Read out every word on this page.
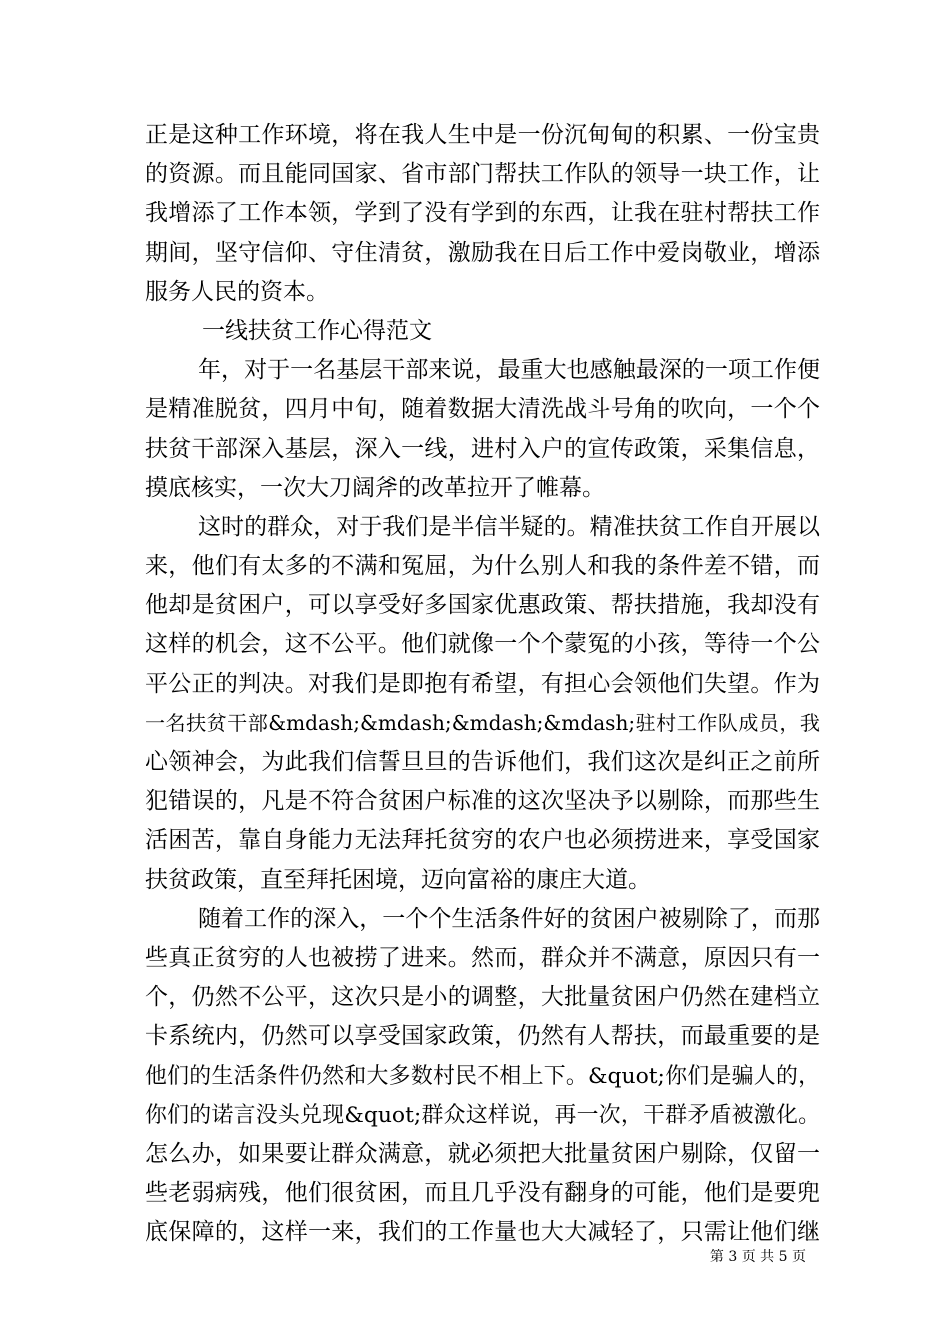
正是这种工作环境，将在我人生中是一份沉甸甸的积累、一份宝贵
的资源。而且能同国家、省市部门帮扶工作队的领导一块工作，让
我增添了工作本领，学到了没有学到的东西，让我在驻村帮扶工作
期间，坚守信仰、守住清贫，激励我在日后工作中爱岗敬业，增添
服务人民的资本。
一线扶贫工作心得范文
年，对于一名基层干部来说，最重大也感触最深的一项工作便
是精准脱贫，四月中旬，随着数据大清洗战斗号角的吹向，一个个
扶贫干部深入基层，深入一线，进村入户的宣传政策，采集信息，
摸底核实，一次大刀阔斧的改革拉开了帷幕。
这时的群众，对于我们是半信半疑的。精准扶贫工作自开展以
来，他们有太多的不满和冤屈，为什么别人和我的条件差不错，而
他却是贫困户，可以享受好多国家优惠政策、帮扶措施，我却没有
这样的机会，这不公平。他们就像一个个蒙冤的小孩，等待一个公
平公正的判决。对我们是即抱有希望，有担心会领他们失望。作为
一名扶贫干部&mdash;&mdash;&mdash;&mdash;驻村工作队成员，我
心领神会，为此我们信誓旦旦的告诉他们，我们这次是纠正之前所
犯错误的，凡是不符合贫困户标准的这次坚决予以剔除，而那些生
活困苦，靠自身能力无法拜托贫穷的农户也必须捞进来，享受国家
扶贫政策，直至拜托困境，迈向富裕的康庄大道。
随着工作的深入，一个个生活条件好的贫困户被剔除了，而那
些真正贫穷的人也被捞了进来。然而，群众并不满意，原因只有一
个，仍然不公平，这次只是小的调整，大批量贫困户仍然在建档立
卡系统内，仍然可以享受国家政策，仍然有人帮扶，而最重要的是
他们的生活条件仍然和大多数村民不相上下。&quot;你们是骗人的，
你们的诺言没头兑现&quot;群众这样说，再一次，干群矛盾被激化。
怎么办，如果要让群众满意，就必须把大批量贫困户剔除，仅留一
些老弱病残，他们很贫困，而且几乎没有翻身的可能，他们是要兜
底保障的，这样一来，我们的工作量也大大减轻了，只需让他们继
第 3 页 共 5 页
